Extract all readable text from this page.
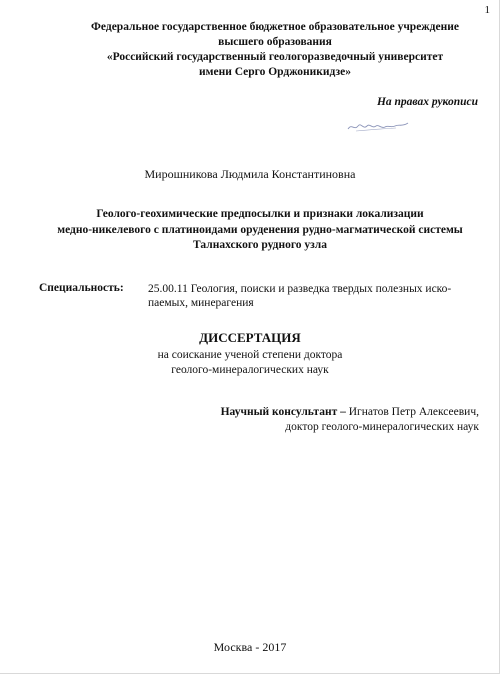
1
Федеральное государственное бюджетное образовательное учреждение
высшего образования
«Российский государственный геологоразведочный университет
имени Серго Орджоникидзе»
На правах рукописи
Мирошникова Людмила Константиновна
Геолого-геохимические предпосылки и признаки локализации
медно-никелевого с платиноидами оруденения рудно-магматической системы
Талнахского рудного узла
Специальность: 25.00.11 Геология, поиски и разведка твердых полезных иско-
паемых, минерагения
ДИССЕРТАЦИЯ
на соискание ученой степени доктора
геолого-минералогических наук
Научный консультант – Игнатов Петр Алексеевич,
доктор геолого-минералогических наук
Москва - 2017
